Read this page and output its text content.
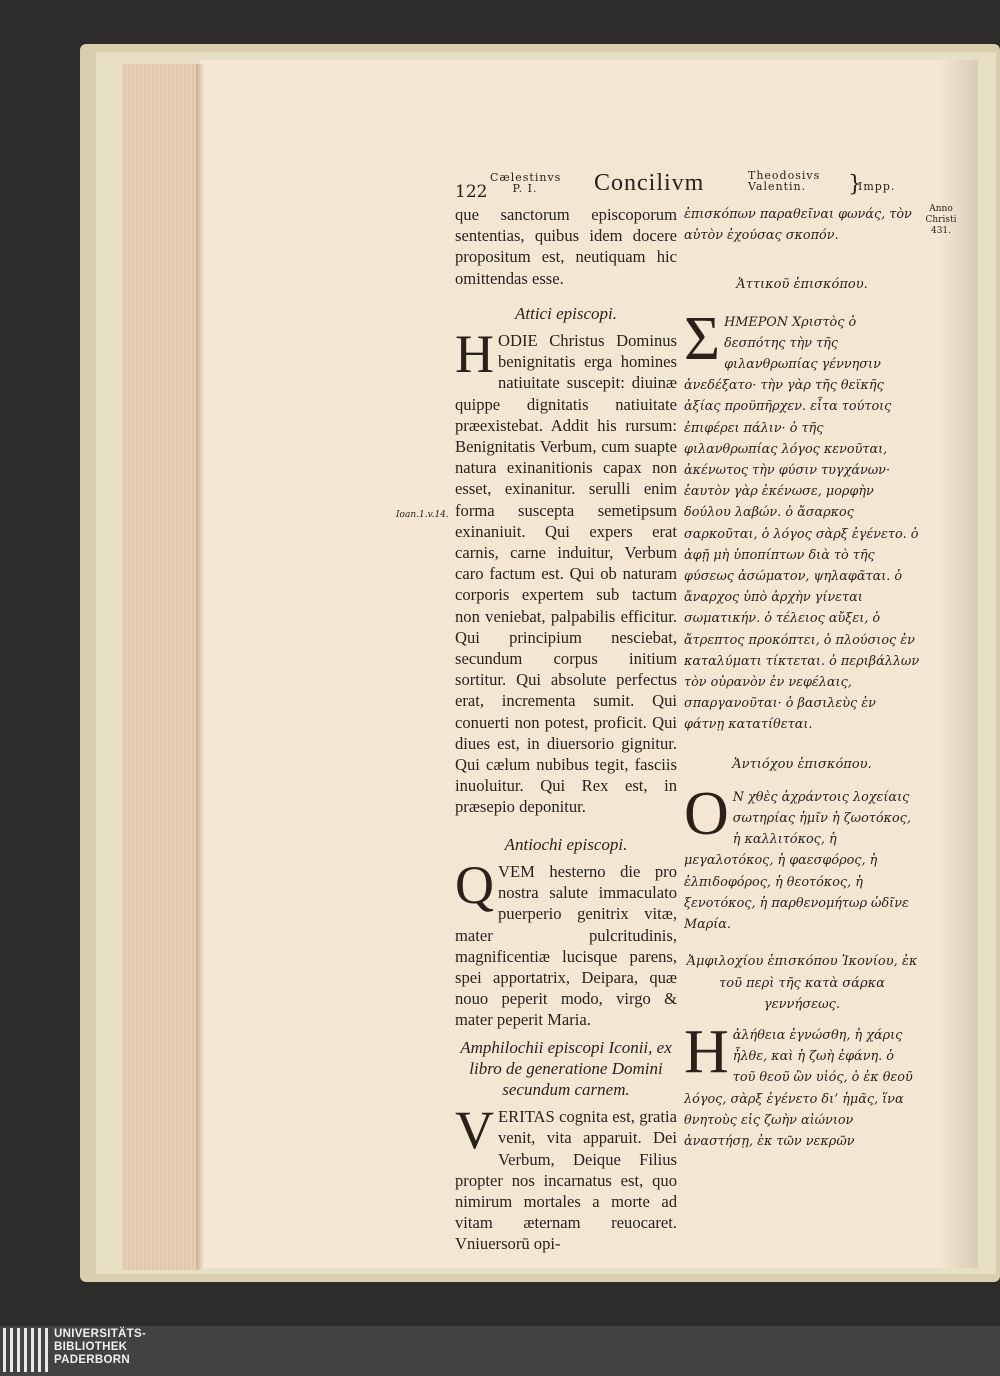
122
Cælestinvs
P. I.	Concilivm	Theodosivs
Valentin.	}
Impp.
Anno Christi
431.
Ioan.1.v.14.

que sanctorum episcoporum sententias, quibus idem docere propositum est, neutiquam hic omittendas esse.

Attici episcopi.

H ODIE Christus Dominus benignitatis erga homines natiuitate suscepit: diuinæ quippe dignitatis natiuitate præexistebat. Addit his rursum: Benignitatis Verbum, cum suapte natura exinanitionis capax non esset, exinanitur. serulli enim forma suscepta semetipsum exinaniuit. Qui expers erat carnis, carne induitur, Verbum caro factum est. Qui ob naturam corporis expertem sub tactum non veniebat, palpabilis efficitur. Qui principium nesciebat, secundum corpus initium sortitur. Qui absolute perfectus erat, incrementa sumit. Qui conuerti non potest, proficit. Qui diues est, in diuersorio gignitur. Qui cælum nubibus tegit, fasciis inuoluitur. Qui Rex est, in præsepio deponitur.

Antiochi episcopi.

Q VEM hesterno die pro nostra salute immaculato puerperio genitrix vitæ, mater pulcritudinis, magnificentiæ lucisque parens, spei apportatrix, Deipara, quæ nouo peperit modo, virgo & mater peperit Maria.

Amphilochii episcopi Iconii, ex libro de generatione Domini secundum carnem.

V ERITAS cognita est, gratia venit, vita apparuit. Dei Verbum, Deique Filius propter nos incarnatus est, quo nimirum mortales a morte ad vitam æternam reuocaret. Vniuersorū opi-

ἐπισκόπων παραθεῖναι φωνάς, τὸν αὐτὸν ἐχούσας σκοπόν.

Ἀττικοῦ ἐπισκόπου.

Σ ΗΜΕΡΟΝ Χριστὸς ὁ δεσπότης τὴν τῆς φιλανθρωπίας γέννησιν ἀνεδέξατο· τὴν γὰρ τῆς θεϊκῆς ἀξίας προϋπῆρχεν. εἶτα τούτοις ἐπιφέρει πάλιν· ὁ τῆς φιλανθρωπίας λόγος κενοῦται, ἀκένωτος τὴν φύσιν τυγχάνων· ἑαυτὸν γὰρ ἐκένωσε, μορφὴν δούλου λαβών. ὁ ἄσαρκος σαρκοῦται, ὁ λόγος σὰρξ ἐγένετο. ὁ ἀφῇ μὴ ὑποπίπτων διὰ τὸ τῆς φύσεως ἀσώματον, ψηλαφᾶται. ὁ ἄναρχος ὑπὸ ἀρχὴν γίνεται σωματικήν. ὁ τέλειος αὔξει, ὁ ἄτρεπτος προκόπτει, ὁ πλούσιος ἐν καταλύματι τίκτεται. ὁ περιβάλλων τὸν οὐρανὸν ἐν νεφέλαις, σπαργανοῦται· ὁ βασιλεὺς ἐν φάτνῃ κατατίθεται.

Ἀντιόχου ἐπισκόπου.

Ο Ν χθὲς ἀχράντοις λοχείαις σωτηρίας ἡμῖν ἡ ζωοτόκος, ἡ καλλιτόκος, ἡ μεγαλοτόκος, ἡ φαεσφόρος, ἡ ἐλπιδοφόρος, ἡ θεοτόκος, ἡ ξενοτόκος, ἡ παρθενομήτωρ ὠδῖνε Μαρία.

Ἀμφιλοχίου ἐπισκόπου Ἰκονίου, ἐκ τοῦ περὶ τῆς κατὰ σάρκα γεννήσεως.

Η ἀλήθεια ἐγνώσθη, ἡ χάρις ἦλθε, καὶ ἡ ζωὴ ἐφάνη. ὁ τοῦ θεοῦ ὢν υἱός, ὁ ἐκ θεοῦ λόγος, σὰρξ ἐγένετο δι’ ἡμᾶς, ἵνα θνητοὺς εἰς ζωὴν αἰώνιον ἀναστήσῃ, ἐκ τῶν νεκρῶν
UNIVERSITÄTS-
BIBLIOTHEK
PADERBORN
